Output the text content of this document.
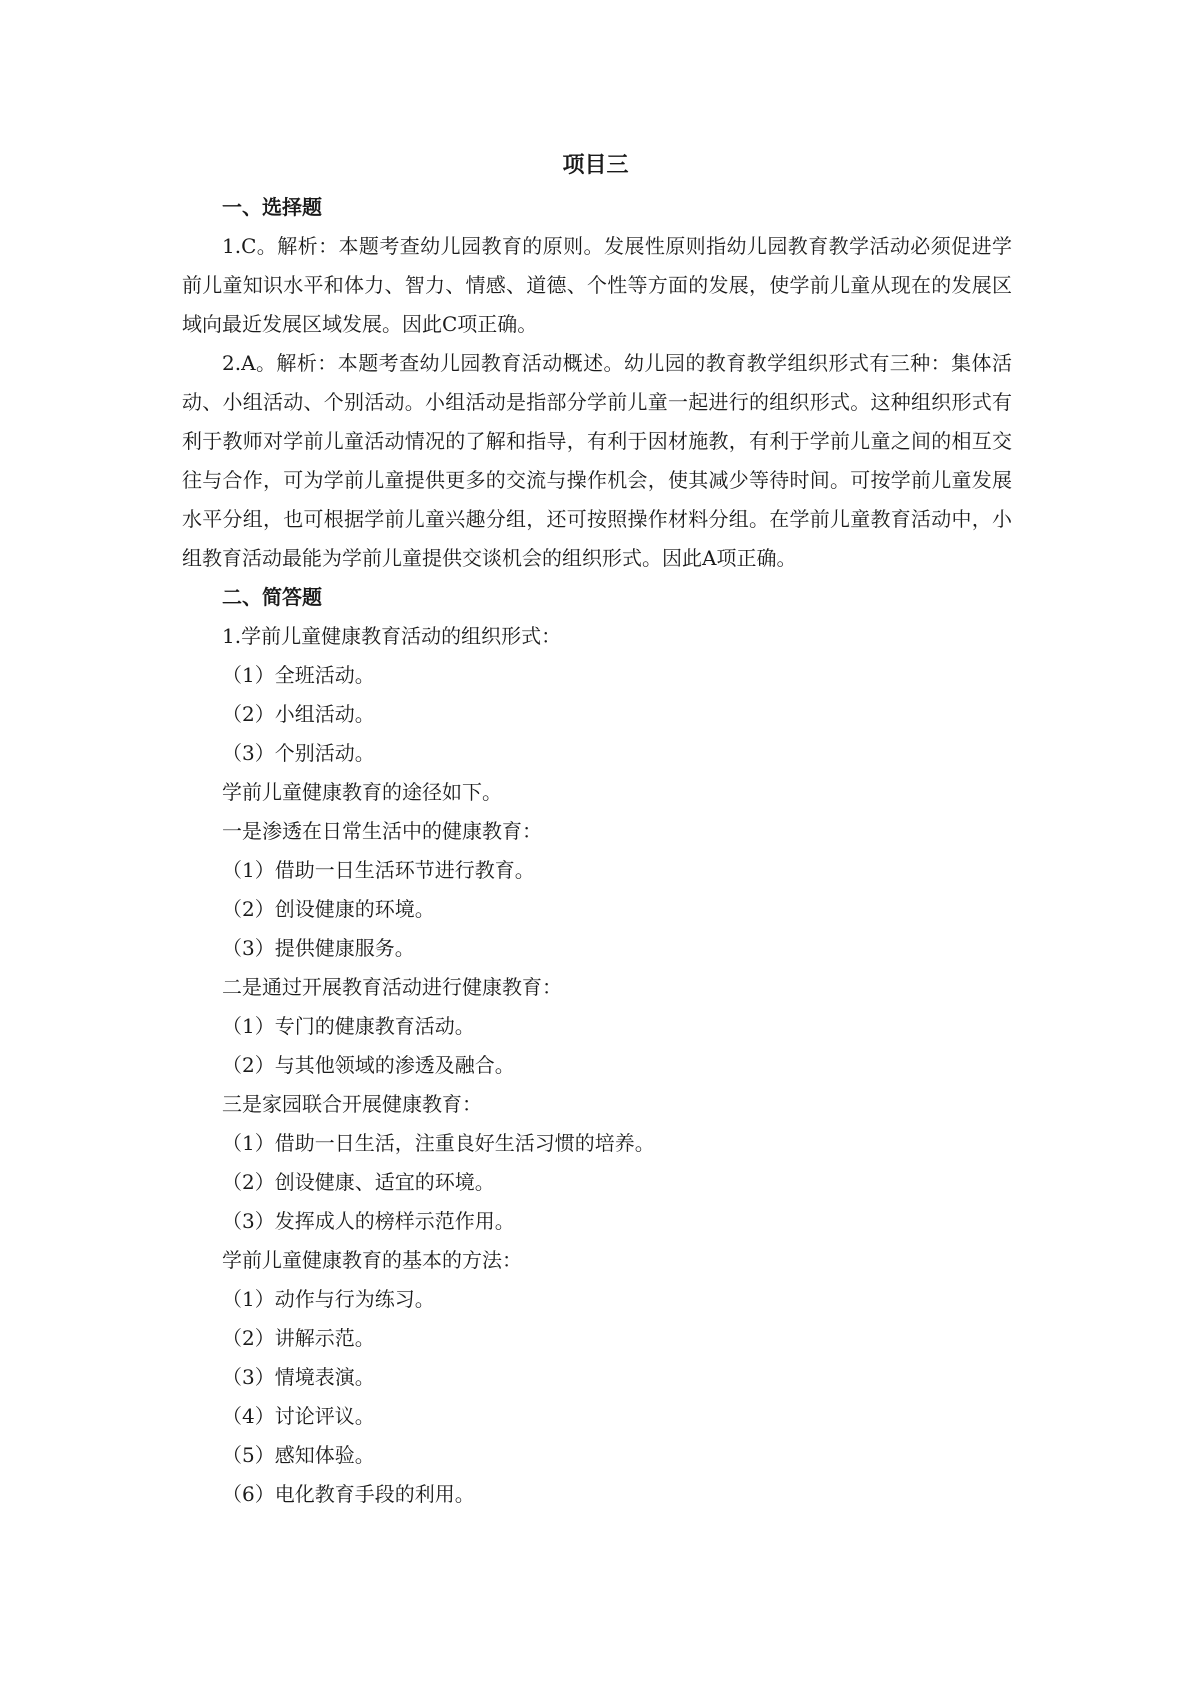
项目三

一、选择题

1.C。解析：本题考查幼儿园教育的原则。发展性原则指幼儿园教育教学活动必须促进学前儿童知识水平和体力、智力、情感、道德、个性等方面的发展，使学前儿童从现在的发展区域向最近发展区域发展。因此C项正确。

2.A。解析：本题考查幼儿园教育活动概述。幼儿园的教育教学组织形式有三种：集体活动、小组活动、个别活动。小组活动是指部分学前儿童一起进行的组织形式。这种组织形式有利于教师对学前儿童活动情况的了解和指导，有利于因材施教，有利于学前儿童之间的相互交往与合作，可为学前儿童提供更多的交流与操作机会，使其减少等待时间。可按学前儿童发展水平分组，也可根据学前儿童兴趣分组，还可按照操作材料分组。在学前儿童教育活动中，小组教育活动最能为学前儿童提供交谈机会的组织形式。因此A项正确。

二、简答题

1.学前儿童健康教育活动的组织形式：

（1）全班活动。

（2）小组活动。

（3）个别活动。

学前儿童健康教育的途径如下。

一是渗透在日常生活中的健康教育：

（1）借助一日生活环节进行教育。

（2）创设健康的环境。

（3）提供健康服务。

二是通过开展教育活动进行健康教育：

（1）专门的健康教育活动。

（2）与其他领域的渗透及融合。

三是家园联合开展健康教育：

（1）借助一日生活，注重良好生活习惯的培养。

（2）创设健康、适宜的环境。

（3）发挥成人的榜样示范作用。

学前儿童健康教育的基本的方法：

（1）动作与行为练习。

（2）讲解示范。

（3）情境表演。

（4）讨论评议。

（5）感知体验。

（6）电化教育手段的利用。
